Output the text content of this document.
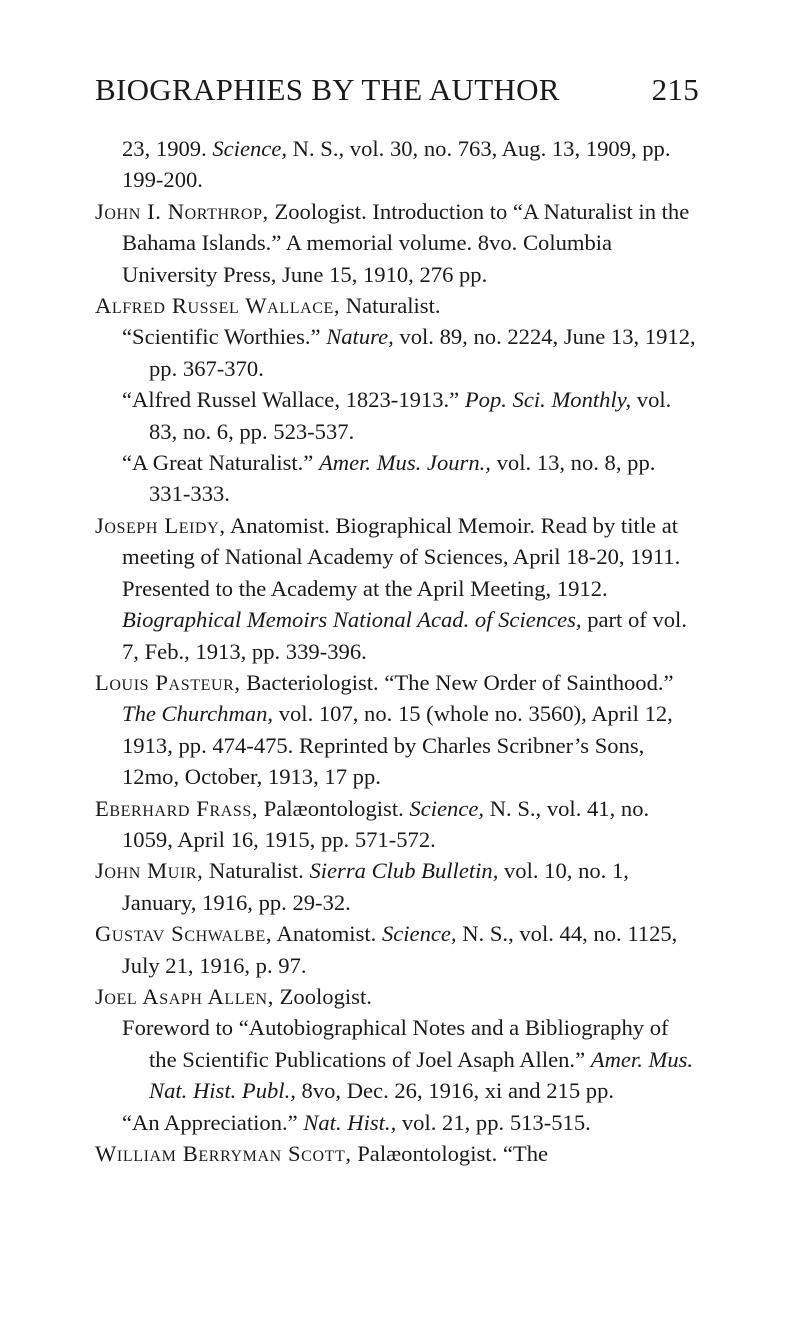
BIOGRAPHIES BY THE AUTHOR	215

23, 1909. Science, N. S., vol. 30, no. 763, Aug. 13, 1909, pp. 199-200.

John I. Northrop, Zoologist. Introduction to “A Naturalist in the Bahama Islands.” A memorial volume. 8vo. Columbia University Press, June 15, 1910, 276 pp.

Alfred Russel Wallace, Naturalist.

“Scientific Worthies.” Nature, vol. 89, no. 2224, June 13, 1912, pp. 367-370.

“Alfred Russel Wallace, 1823-1913.” Pop. Sci. Monthly, vol. 83, no. 6, pp. 523-537.

“A Great Naturalist.” Amer. Mus. Journ., vol. 13, no. 8, pp. 331-333.

Joseph Leidy, Anatomist. Biographical Memoir. Read by title at meeting of National Academy of Sciences, April 18-20, 1911. Presented to the Academy at the April Meeting, 1912. Biographical Memoirs National Acad. of Sciences, part of vol. 7, Feb., 1913, pp. 339-396.

Louis Pasteur, Bacteriologist. “The New Order of Sainthood.” The Churchman, vol. 107, no. 15 (whole no. 3560), April 12, 1913, pp. 474-475. Reprinted by Charles Scribner’s Sons, 12mo, October, 1913, 17 pp.

Eberhard Frass, Palæontologist. Science, N. S., vol. 41, no. 1059, April 16, 1915, pp. 571-572.

John Muir, Naturalist. Sierra Club Bulletin, vol. 10, no. 1, January, 1916, pp. 29-32.

Gustav Schwalbe, Anatomist. Science, N. S., vol. 44, no. 1125, July 21, 1916, p. 97.

Joel Asaph Allen, Zoologist.

Foreword to “Autobiographical Notes and a Bibliography of the Scientific Publications of Joel Asaph Allen.” Amer. Mus. Nat. Hist. Publ., 8vo, Dec. 26, 1916, xi and 215 pp.

“An Appreciation.” Nat. Hist., vol. 21, pp. 513-515.

William Berryman Scott, Palæontologist. “The
